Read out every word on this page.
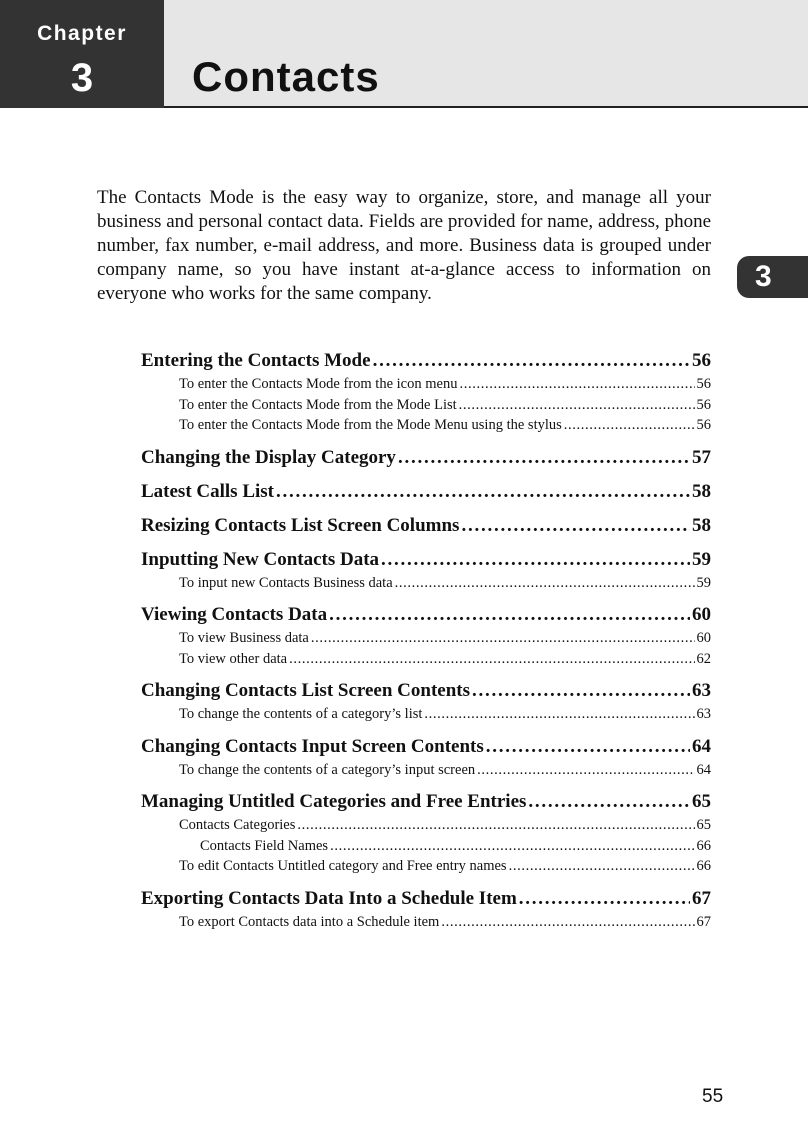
Chapter
3	Contacts
3

The Contacts Mode is the easy way to organize, store, and manage all your business and personal contact data. Fields are provided for name, address, phone number, fax number, e-mail address, and more. Business data is grouped under company name, so you have instant at-a-glance access to information on everyone who works for the same company.

Entering the Contacts Mode . . .	56
To enter the Contacts Mode from the icon menu . . .	56
To enter the Contacts Mode from the Mode List . . .	56
To enter the Contacts Mode from the Mode Menu using the stylus . . .	56
Changing the Display Category . . .	57
Latest Calls List . . .	58
Resizing Contacts List Screen Columns . . .	58
Inputting New Contacts Data . . .	59
To input new Contacts Business data . . .	59
Viewing Contacts Data . . .	60
To view Business data . . .	60
To view other data . . .	62
Changing Contacts List Screen Contents . . .	63
To change the contents of a category’s list . . .	63
Changing Contacts Input Screen Contents . . .	64
To change the contents of a category’s input screen . . .	64
Managing Untitled Categories and Free Entries . . .	65
Contacts Categories . . .	65
Contacts Field Names . . .	66
To edit Contacts Untitled category and Free entry names . . .	66
Exporting Contacts Data Into a Schedule Item . . .	67
To export Contacts data into a Schedule item . . .	67
55
